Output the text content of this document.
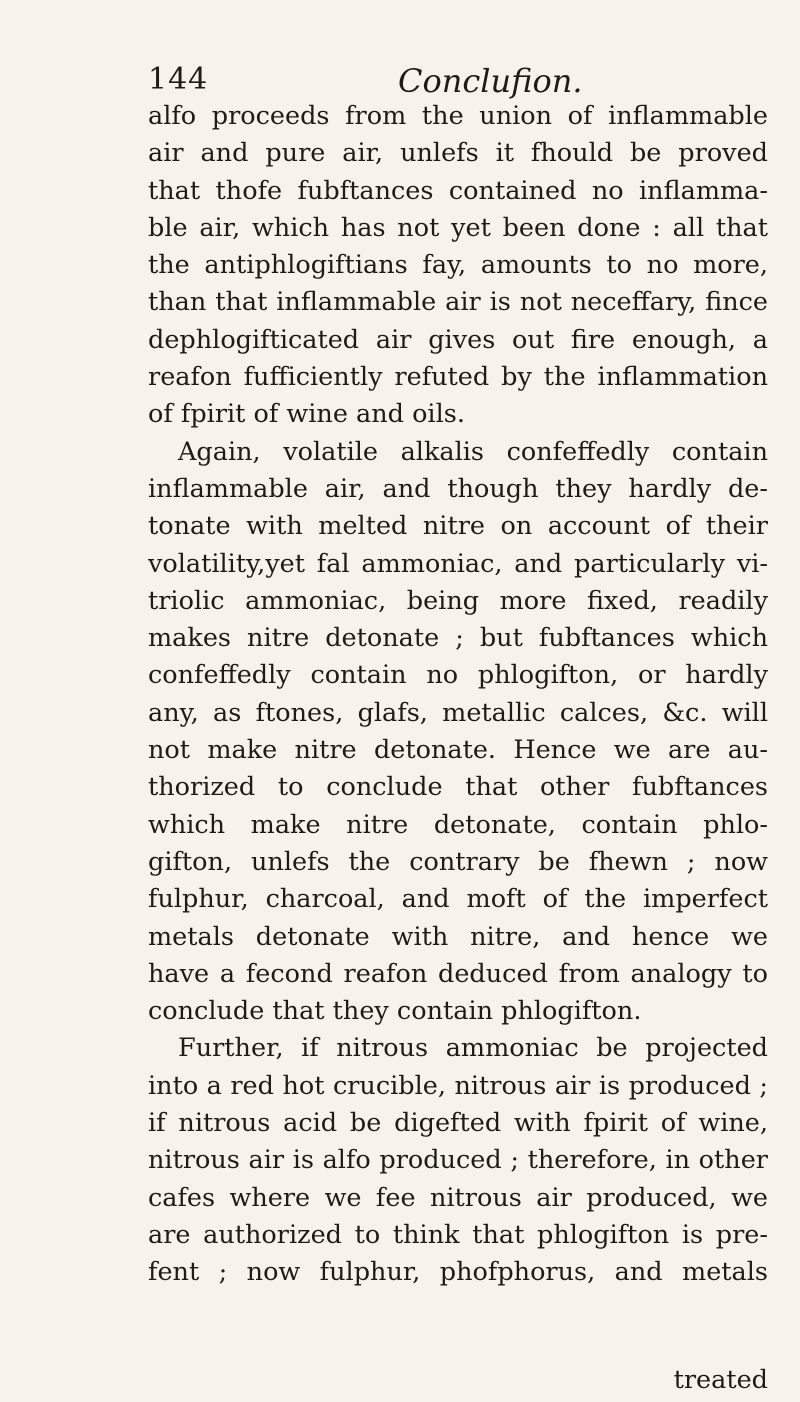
144	Conclufion.
alfo proceeds from the union of inflammable
air and pure air, unlefs it fhould be proved
that thofe fubftances contained no inflamma-
ble air, which has not yet been done : all that
the antiphlogiftians fay, amounts to no more,
than that inflammable air is not neceffary, fince
dephlogifticated air gives out fire enough, a
reafon fufficiently refuted by the inflammation
of fpirit of wine and oils.
Again, volatile alkalis confeffedly contain
inflammable air, and though they hardly de-
tonate with melted nitre on account of their
volatility,yet fal ammoniac, and particularly vi-
triolic ammoniac, being more fixed, readily
makes nitre detonate ; but fubftances which
confeffedly contain no phlogifton, or hardly
any, as ftones, glafs, metallic calces, &c. will
not make nitre detonate. Hence we are au-
thorized to conclude that other fubftances
which make nitre detonate, contain phlo-
gifton, unlefs the contrary be fhewn ; now
fulphur, charcoal, and moft of the imperfect
metals detonate with nitre, and hence we
have a fecond reafon deduced from analogy to
conclude that they contain phlogifton.
Further, if nitrous ammoniac be projected
into a red hot crucible, nitrous air is produced ;
if nitrous acid be digefted with fpirit of wine,
nitrous air is alfo produced ; therefore, in other
cafes where we fee nitrous air produced, we
are authorized to think that phlogifton is pre-
fent ; now fulphur, phofphorus, and metals
treated
